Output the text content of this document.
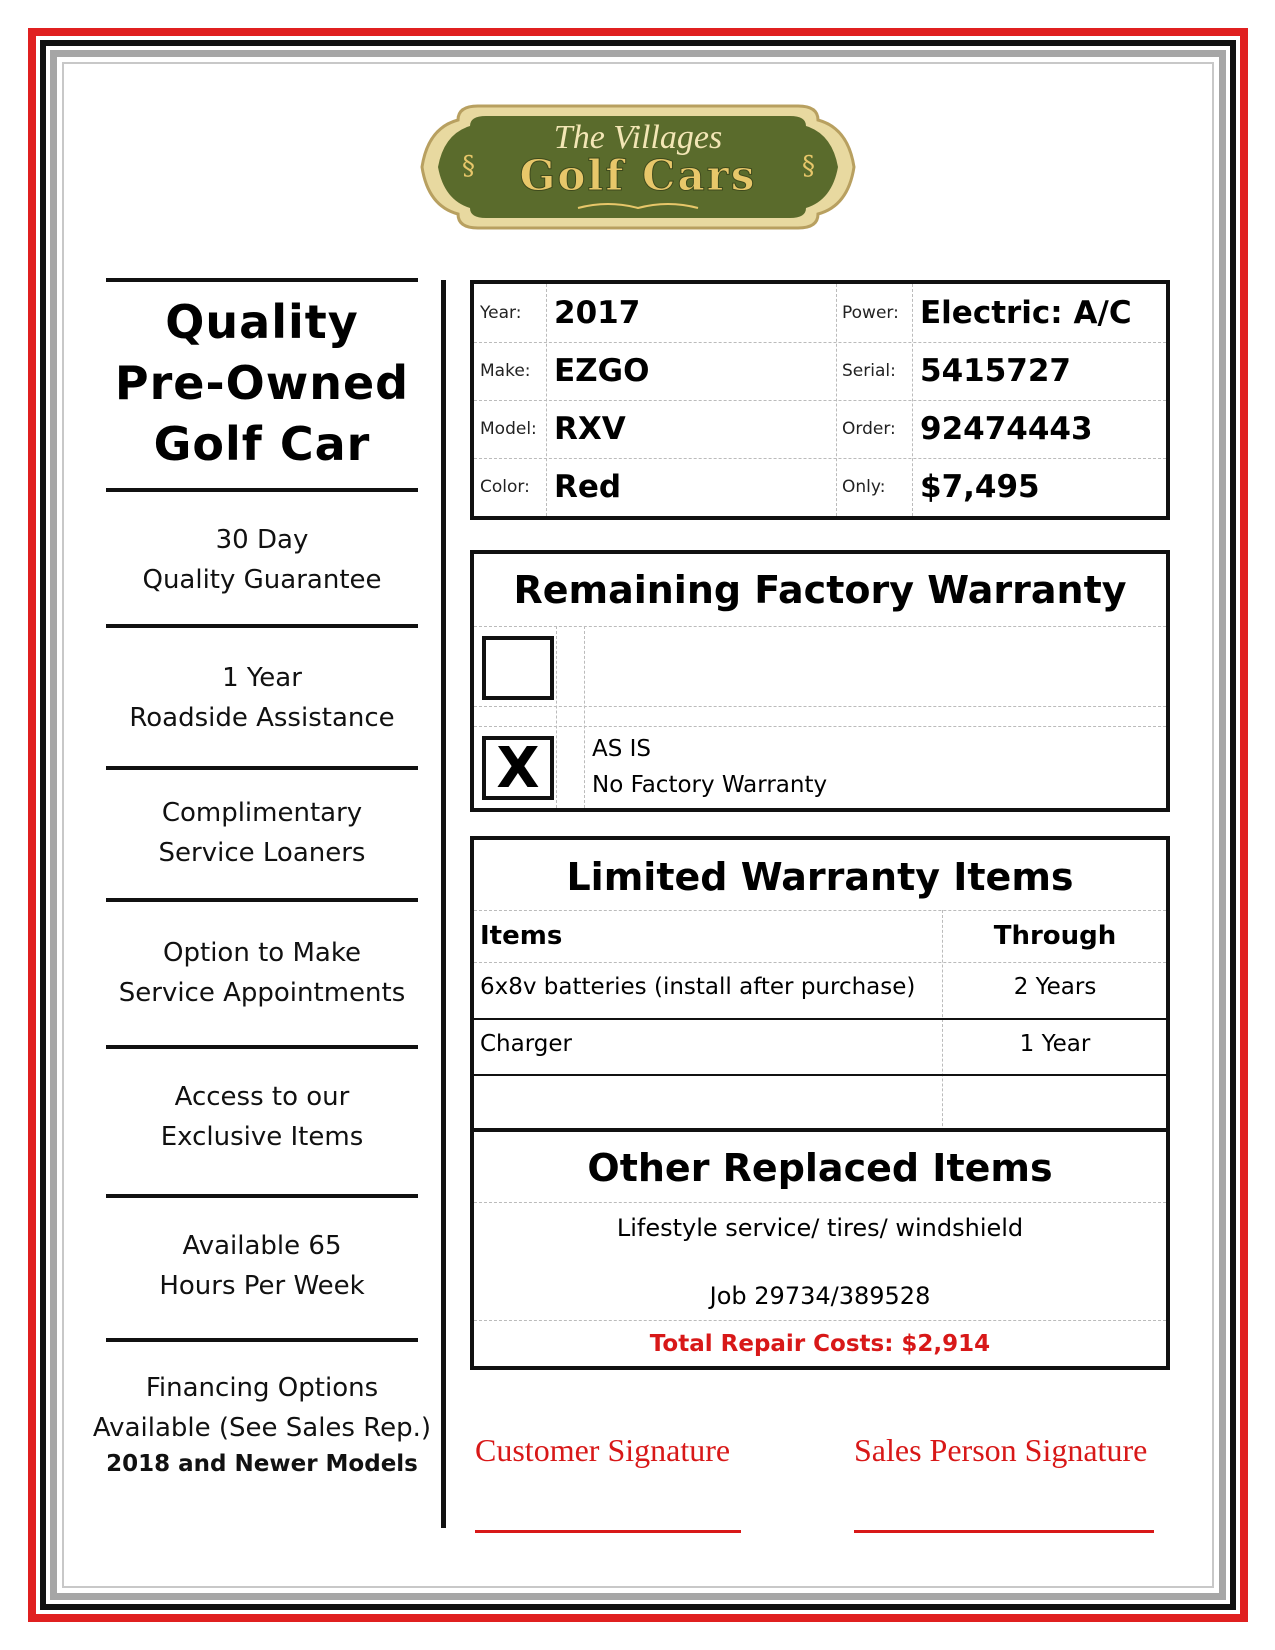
The Villages
Golf Cars
§	§
Quality
Pre-Owned
Golf Car
30 Day
Quality Guarantee
1 Year
Roadside Assistance
Complimentary
Service Loaners
Option to Make
Service Appointments
Access to our
Exclusive Items
Available 65
Hours Per Week
Financing Options
Available (See Sales Rep.)
2018 and Newer Models
Year:	2017	Power: Electric: A/C
Make: EZGO	Serial: 5415727
Model: RXV	Order: 92474443
Color: Red	Only:	$7,495
Remaining Factory Warranty
X	AS IS
No Factory Warranty
Limited Warranty Items
Items	Through
6x8v batteries (install after purchase)	2 Years
Charger	1 Year
Other Replaced Items
Lifestyle service/ tires/ windshield
Job 29734/389528
Total Repair Costs: $2,914
Customer Signature	Sales Person Signature
